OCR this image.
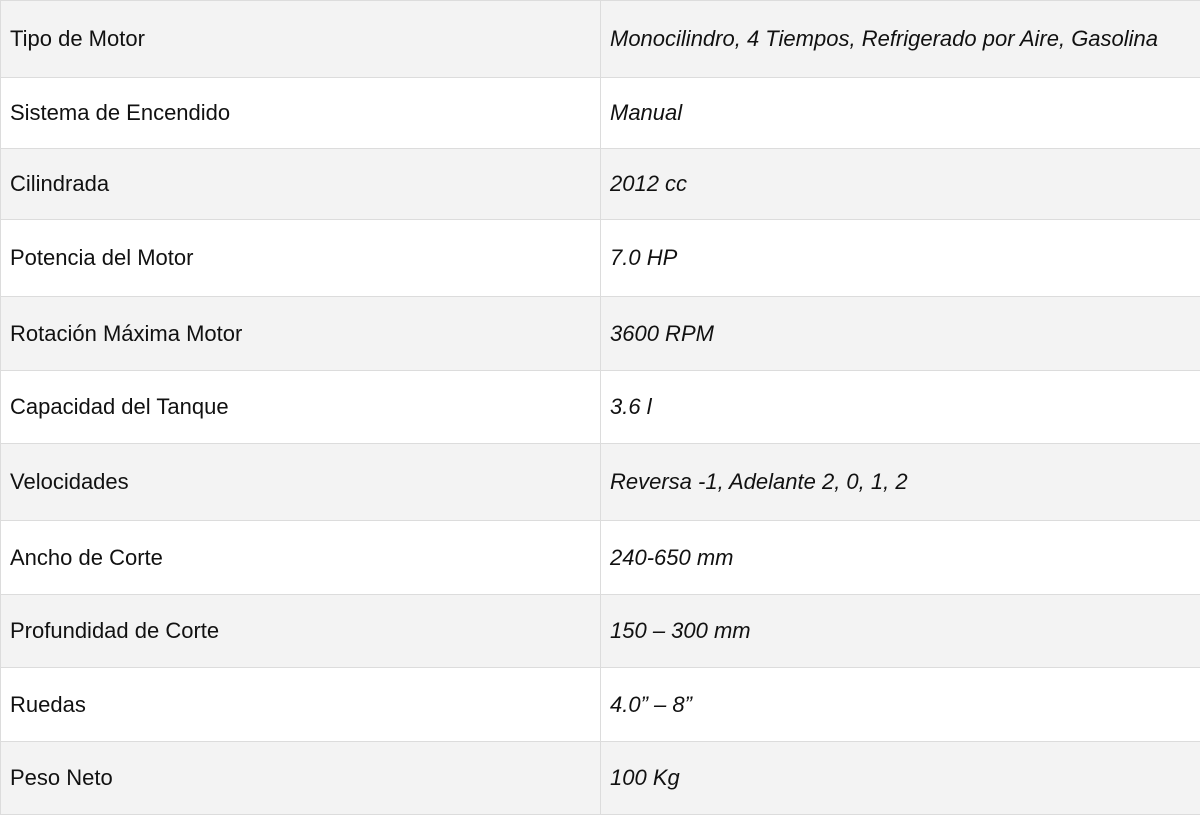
Tipo de Motor	Monocilindro, 4 Tiempos, Refrigerado por Aire, Gasolina
Sistema de Encendido	Manual
Cilindrada	2012 cc
Potencia del Motor	7.0 HP
Rotación Máxima Motor	3600 RPM
Capacidad del Tanque	3.6 l
Velocidades	Reversa -1, Adelante 2, 0, 1, 2
Ancho de Corte	240-650 mm
Profundidad de Corte	150 – 300 mm
Ruedas	4.0” – 8”
Peso Neto	100 Kg
